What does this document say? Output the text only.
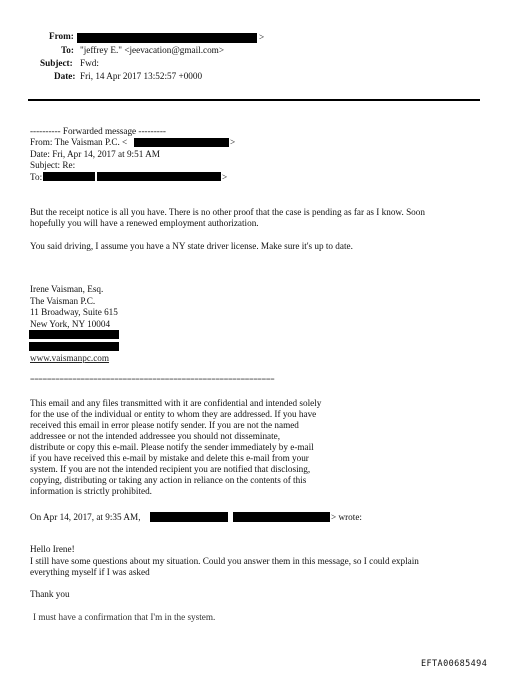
From:	>
To: "jeffrey E." <jeevacation@gmail.com>
Subject: Fwd:
Date: Fri, 14 Apr 2017 13:52:57 +0000
---------- Forwarded message ---------
From: The Vaisman P.C. <	>
Date: Fri, Apr 14, 2017 at 9:51 AM
Subject: Re:
To:	>
But the receipt notice is all you have. There is no other proof that the case is pending as far as I know. Soon
hopefully you will have a renewed employment authorization.
You said driving, I assume you have a NY state driver license. Make sure it's up to date.
Irene Vaisman, Esq.
The Vaisman P.C.
11 Broadway, Suite 615
New York, NY 10004
www.vaismanpc.com
==========================================================
This email and any files transmitted with it are confidential and intended solely
for the use of the individual or entity to whom they are addressed. If you have
received this email in error please notify sender. If you are not the named
addressee or not the intended addressee you should not disseminate,
distribute or copy this e-mail. Please notify the sender immediately by e-mail
if you have received this e-mail by mistake and delete this e-mail from your
system. If you are not the intended recipient you are notified that disclosing,
copying, distributing or taking any action in reliance on the contents of this
information is strictly prohibited.
On Apr 14, 2017, at 9:35 AM,	> wrote:
Hello Irene!
I still have some questions about my situation. Could you answer them in this message, so I could explain
everything myself if I was asked
Thank you
I must have a confirmation that I'm in the system.
EFTA00685494
